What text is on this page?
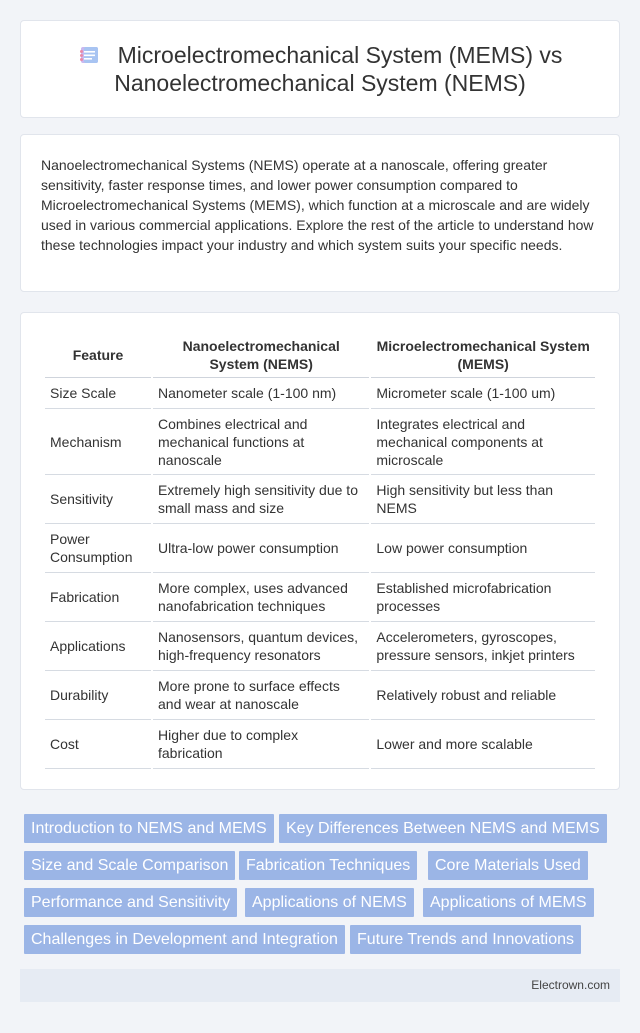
Microelectromechanical System (MEMS) vs Nanoelectromechanical System (NEMS)

Nanoelectromechanical Systems (NEMS) operate at a nanoscale, offering greater sensitivity, faster response times, and lower power consumption compared to Microelectromechanical Systems (MEMS), which function at a microscale and are widely used in various commercial applications. Explore the rest of the article to understand how these technologies impact your industry and which system suits your specific needs.

Feature	Nanoelectromechanical System (NEMS)	Microelectromechanical System (MEMS)
Size Scale	Nanometer scale (1-100 nm)	Micrometer scale (1-100 um)
Mechanism	Combines electrical and mechanical functions at nanoscale	Integrates electrical and mechanical components at microscale
Sensitivity	Extremely high sensitivity due to small mass and size	High sensitivity but less than NEMS
Power Consumption	Ultra-low power consumption	Low power consumption
Fabrication	More complex, uses advanced nanofabrication techniques	Established microfabrication processes
Applications	Nanosensors, quantum devices, high-frequency resonators	Accelerometers, gyroscopes, pressure sensors, inkjet printers
Durability	More prone to surface effects and wear at nanoscale	Relatively robust and reliable
Cost	Higher due to complex fabrication	Lower and more scalable
Introduction to NEMS and MEMS	Key Differences Between NEMS and MEMS
Size and Scale Comparison	Fabrication Techniques	Core Materials Used
Performance and Sensitivity	Applications of NEMS	Applications of MEMS
Challenges in Development and Integration	Future Trends and Innovations
Electrown.com
